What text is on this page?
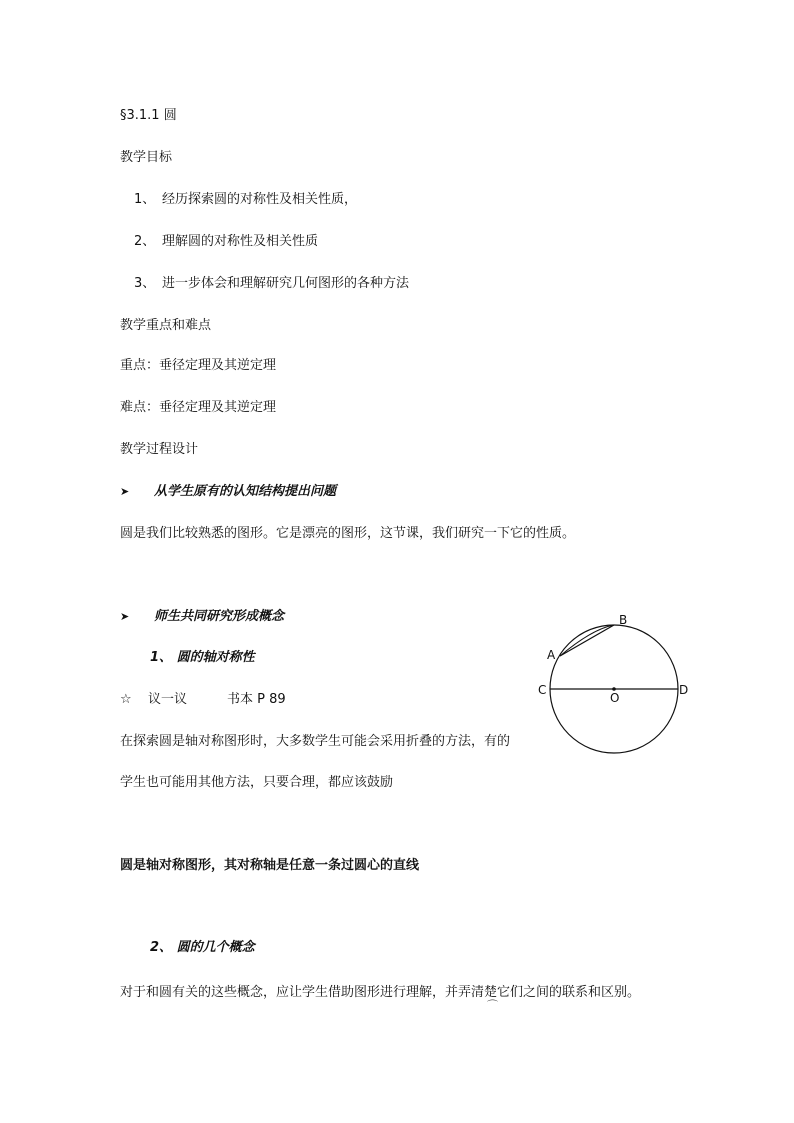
§3.1.1 圆
教学目标
1、 经历探索圆的对称性及相关性质，
2、 理解圆的对称性及相关性质
3、 进一步体会和理解研究几何图形的各种方法
教学重点和难点
重点：垂径定理及其逆定理
难点：垂径定理及其逆定理
教学过程设计
➤ 从学生原有的认知结构提出问题
圆是我们比较熟悉的图形。它是漂亮的图形，这节课，我们研究一下它的性质。
➤ 师生共同研究形成概念
1、 圆的轴对称性
☆ 议一议	书本 P 89
在探索圆是轴对称图形时，大多数学生可能会采用折叠的方法，有的
学生也可能用其他方法，只要合理，都应该鼓励
圆是轴对称图形，其对称轴是任意一条过圆心的直线
2、 圆的几个概念
对于和圆有关的这些概念，应让学生借助图形进行理解，并弄清楚它们之间的联系和区别。
⌒
B
A
C	D
O
